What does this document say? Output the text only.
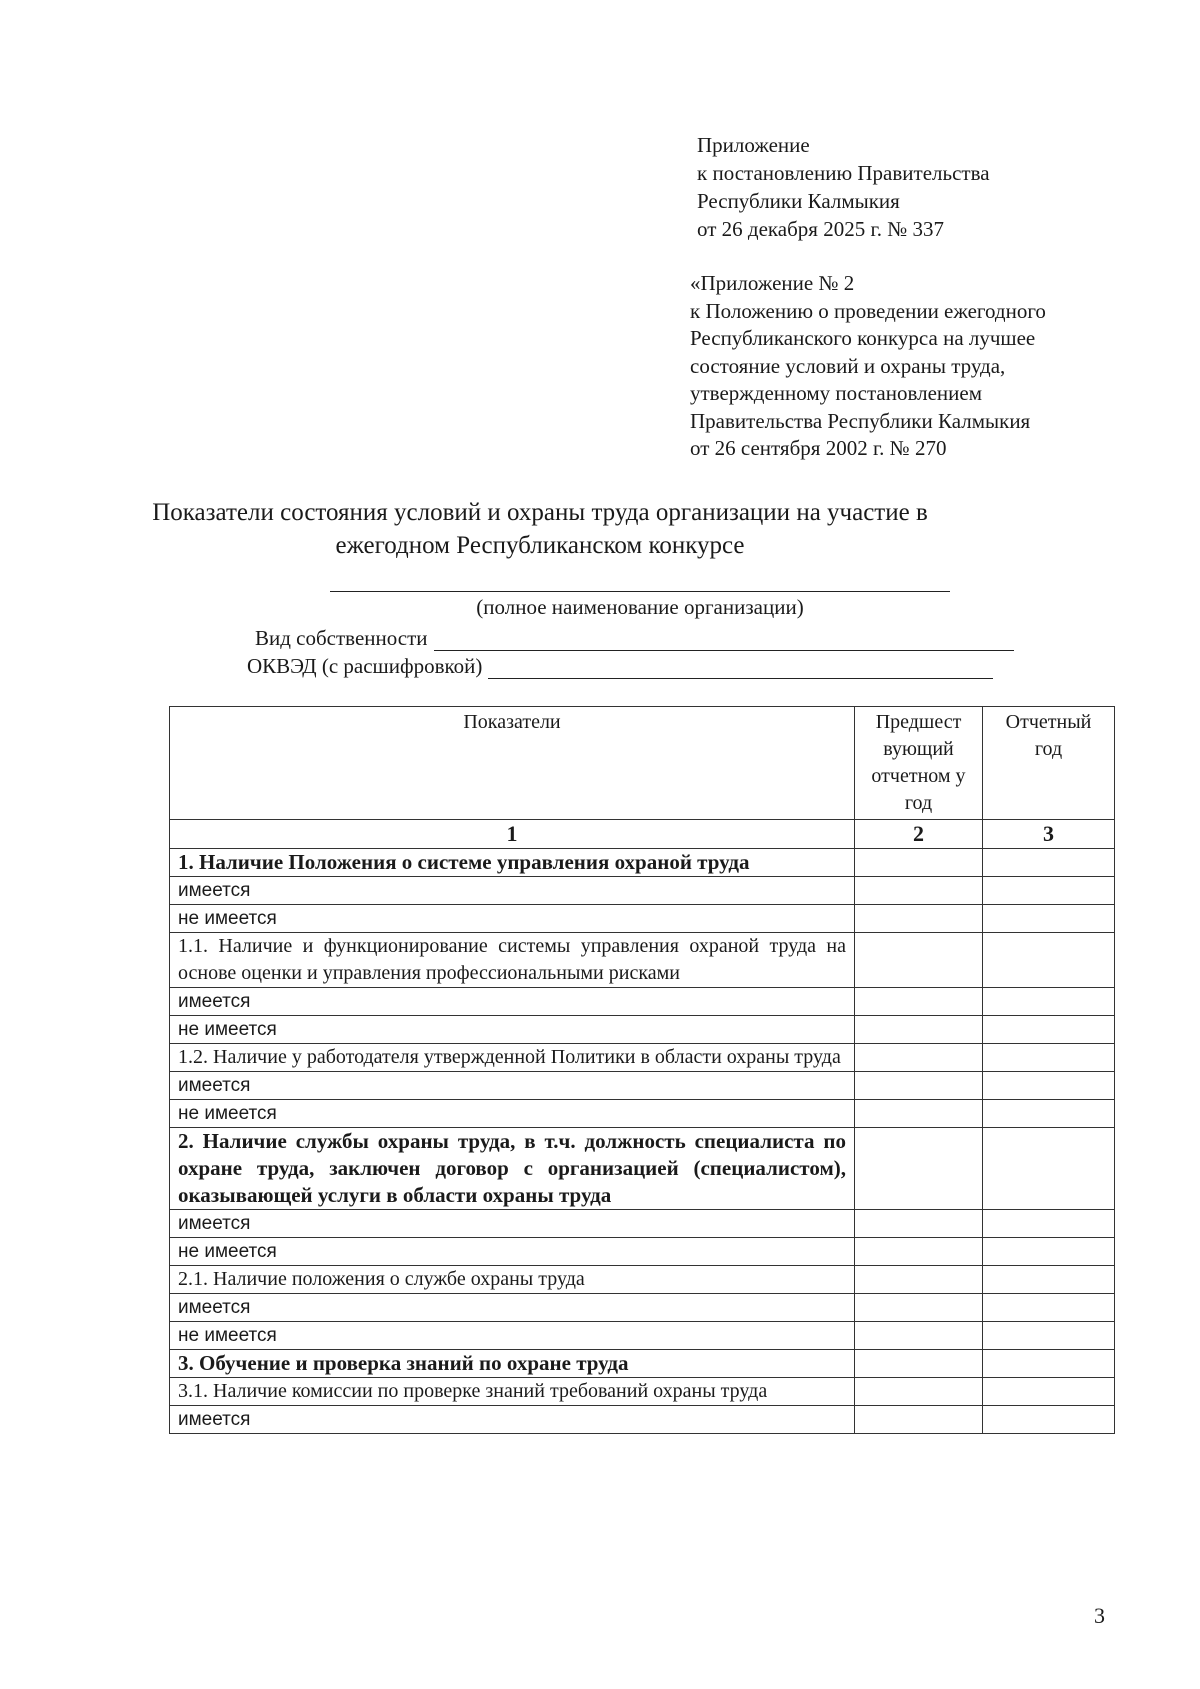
Приложение
к постановлению Правительства
Республики Калмыкия
от 26 декабря 2025 г. № 337
«Приложение № 2
к Положению о проведении ежегодного
Республиканского конкурса на лучшее
состояние условий и охраны труда,
утвержденному постановлением
Правительства Республики Калмыкия
от 26 сентября 2002 г. № 270
Показатели состояния условий и охраны труда организации на участие в
ежегодном Республиканском конкурсе
(полное наименование организации)
Вид собственности
ОКВЭД (с расшифровкой)
Показатели	Предшест вующий отчетном у год	Отчетный год
1	2	3
1. Наличие Положения о системе управления охраной труда		
имеется		
не имеется		
1.1. Наличие и функционирование системы управления охраной труда на основе оценки и управления профессиональными рисками		
имеется		
не имеется		
1.2. Наличие у работодателя утвержденной Политики в области охраны труда		
имеется		
не имеется		
2. Наличие службы охраны труда, в т.ч. должность специалиста по охране труда, заключен договор с организацией (специалистом), оказывающей услуги в области охраны труда		
имеется		
не имеется		
2.1. Наличие положения о службе охраны труда		
имеется		
не имеется		
3. Обучение и проверка знаний по охране труда		
3.1. Наличие комиссии по проверке знаний требований охраны труда		
имеется		
3
